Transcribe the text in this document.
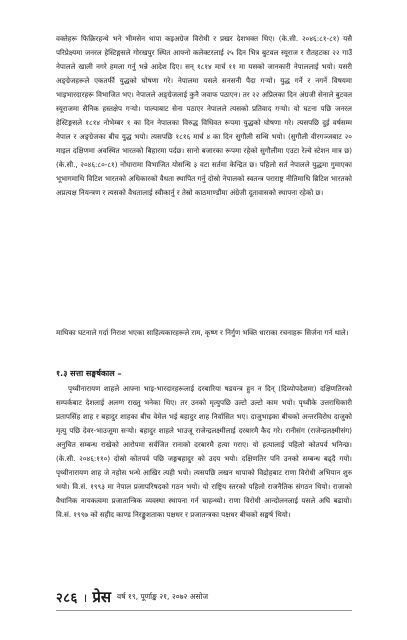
वक्तेहरू फिक्रिरहन्थे भने भीमसेन थापा कइअ‌‌ग्रेज विरोधी र प्रखर देशभक्त थिए। (के.सी. २०४६:८१-८१) यसै परिप्रेक्ष्यमा जनरल हेस्टिङ्गसले गोरखपुर स्थित आफ्नो कलेक्टरलाई २५ दिन भित्र बुटवल स्यूराज र रौतहटका २२ गाउँ नेपालले खाली नगरे हमला गर्नु भन्ने आदेश दिए। सन् १८१४ मार्च ११ मा यसको जानकारी नेपाललाई भयो। यसरी अङ्ग्रेजहरूले एकतर्फी युद्धको घोषणा गरे। नेपालमा यसले सनसनी पैदा गऱ्यो। युद्ध गर्ने र नगर्ने विषयमा भाइभारदारहरू विभाजित भए। नेपालले अङ्ग्रेजलाई कुनै जवाफ पठाएन। तर २२ अप्रिलका दिन अंग्रजी सेनाले बुटवल स्यूराजमा सैनिक हस्तक्षेप गऱ्यो। पाल्पाबाट सेना पठाएर नेपालले त्यसको प्रतिवाद गऱ्यो। यो घटना पछि जनरल हेस्टिङ्गसले १८१४ नोभेम्बर १ का दिन नेपालका विरुद्ध विधिवत रूपमा युद्धको घोषणा गरे। त्यसपछि दुई वर्षसम्म नेपाल र अङ्ग्रेजका बीच युद्ध भयो। त्यसपछि १८१६ मार्च ४ का दिन सुगौली सन्धि भयो। (सुगौली वीरगञ्जबाट २० माइल दक्षिणमा अवस्थित भारतको बिहारमा पर्दछ। सानो बजारका रूपमा रहेको सुगौलीमा एउटा रेल्वे स्टेशन मात्र छ) (के.सी., २०४६:८०-८१) नोंधारामा विभाजित योसन्धि ३ वटा सर्तमा केन्द्रित छ। पहिलो सर्त नेपालले युद्धमा गुमाएका भूभागमाथि विटिश भारतको अधिकारको वैधता स्थापित गर्नु दोस्रो नेपालको स्वतन्त्र पराराष्ट्र नीतिमाथि ब्रिटिश भारतको अप्रत्यक्ष नियन्त्रण र त्यसको वैधतालाई स्वीकार्नु र तेस्रो काठमाण्डौंमा अंग्रेजी दूतावासको स्थापना रहेको छ।

माथिका घटनाले गर्दा निराश भएका साहित्यकारहरूले राम, कृष्ण र निर्गुण भक्ति धाराका रचनाहरू सिर्जना गर्न थाले।

१.३ सत्ता सङ्घर्षकाल –

पृथ्वीनारायण शाहले आफ्ना भाइ-भारदारहरूलाई दरबारिया षडयन्त्र हुन न दिन् (दिव्योपदेशमा) दक्षिणतिरको सम्पर्कबाट देशलाई अलग्ग राख्नु भनेका थिए। तर उनको मृत्युपछि उल्टो उल्टो काम भयो। पृथ्वीके उत्तराधिकारी प्रतापसिंह शाह र बहादुर शाहका बीच वेमेल भई बहादुर शाह निर्वासित भए। दाजुभाइका बीचको अन्तरविरोध दाजुको मृत्यु पछि देवर-भाउजूमा सऱ्यो। बहादुर शाहले भाउजू राजेन्द्रलक्ष्मीलाई दरबारमै कैद गरे। रानीसंग (राजेन्द्रलक्ष्मीसंग) अनुचित सम्बन्ध राखेको आरोपमा सर्वजित रानाको दरबारमै हत्या गराए। यो हत्यालाई पहिलो कोतपर्व भनिन्छ। (के.सी. २०४६:११०) दोस्रो कोतपर्व पछि जङ्गबहादुर को उदय भयो। दक्षिणतिर पनि उनको सम्बन्ध बढ्दै गयो। पृथ्वीनारायण शाह जे नहोस भन्थे आखिर त्यही भयो। त्यसपछि लखन थापाको विद्रोहबाट राणा विरोधी अभियान शुरु भयो। वि.सं. १९९३ मा नेपाल प्रजापरिषदको गठन भयो। यो राष्ट्रिय स्तरको पहिलो राजनैतिक संगठन थियो। राजाको वैधानिक नायकत्वमा प्रजातान्त्रिक व्यवस्था स्थापना गर्न चाहन्थ्यो। राणा विरोधी आन्दोलनलाई यसले अघि बढायो। वि.सं. १९९७ को सहीद काण्ड निरङ्कुशताका पक्षधर र प्रजातन्त्रका पक्षधर बीचको सङ्घर्ष थियो।

२८६ । प्रेस वर्ष १९, पूर्णाङ्क २१, २०७२ असोज
